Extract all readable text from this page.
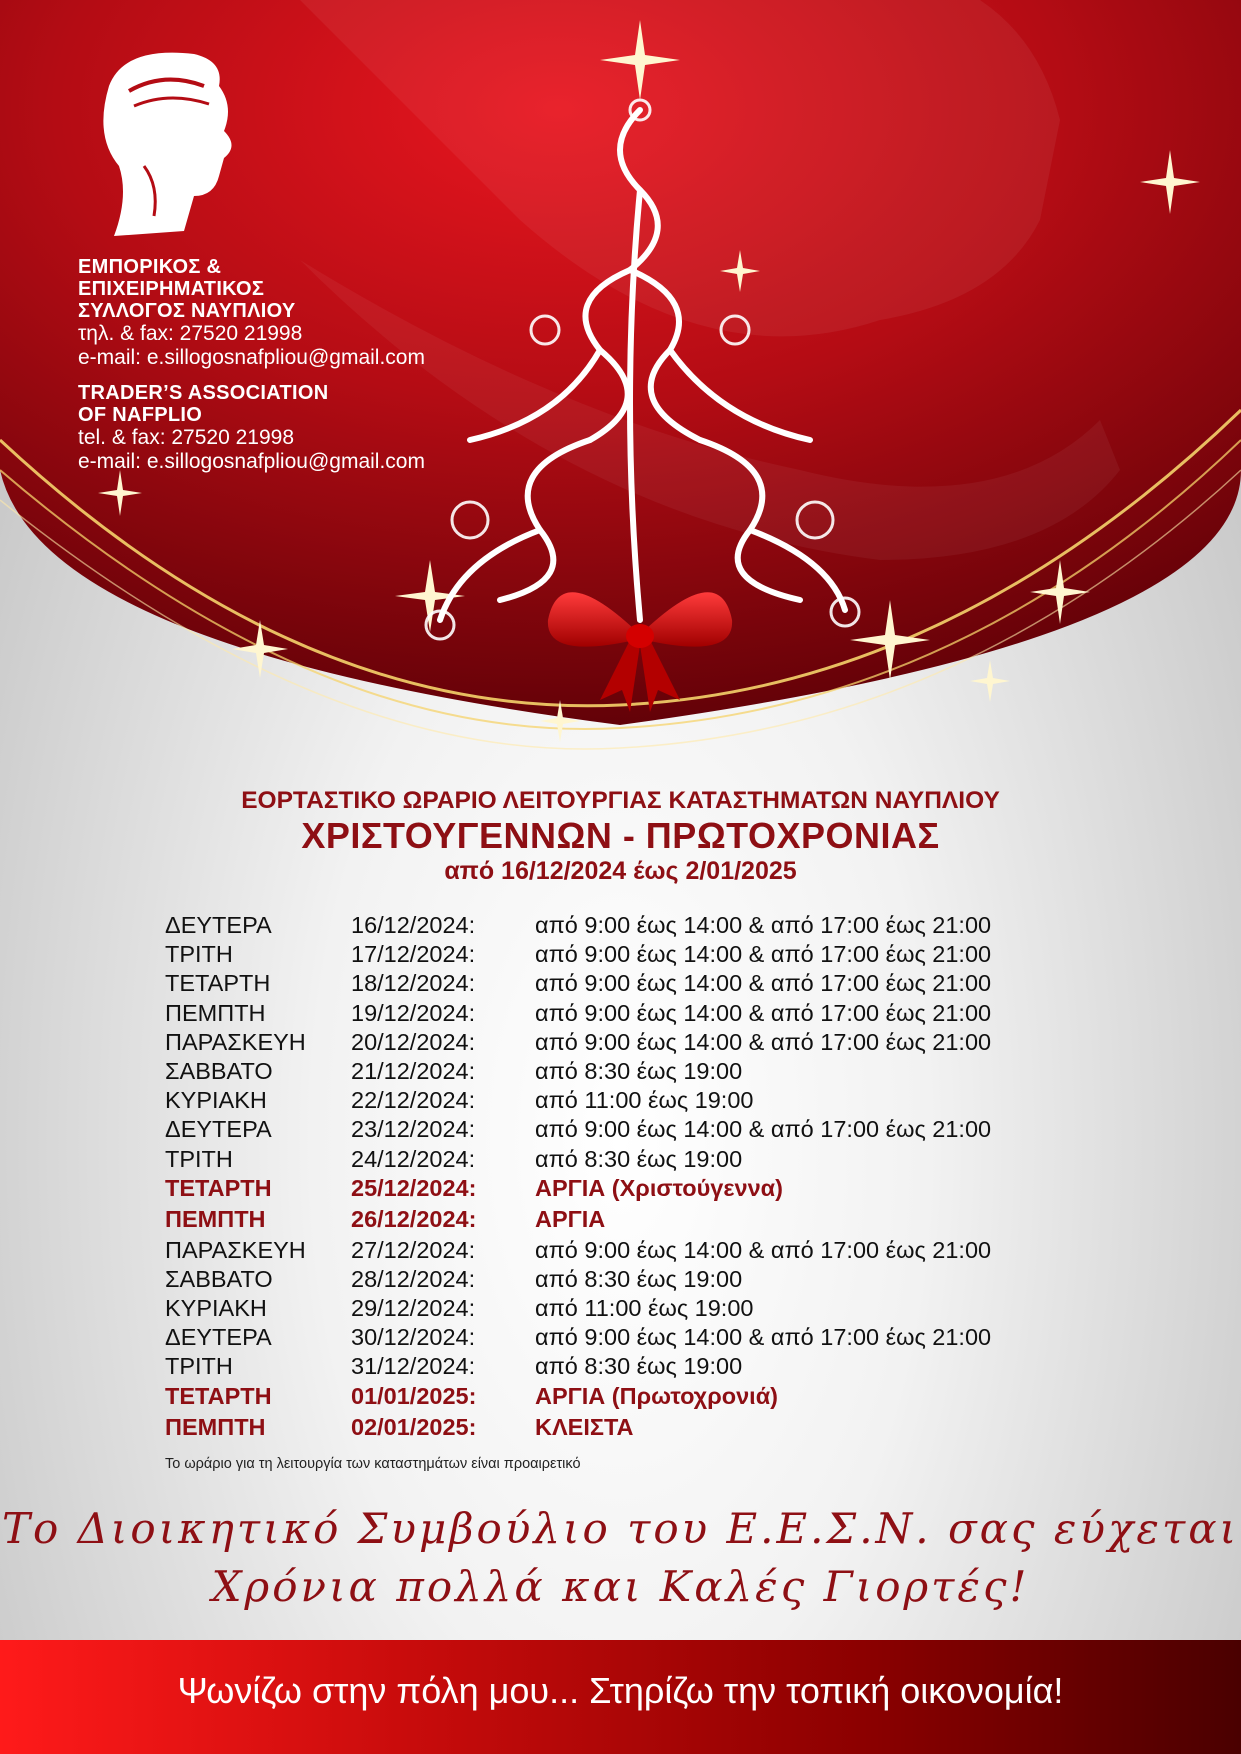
ΕΜΠΟΡΙΚΟΣ &
ΕΠΙΧΕΙΡΗΜΑΤΙΚΟΣ
ΣΥΛΛΟΓΟΣ ΝΑΥΠΛΙΟΥ
τηλ. & fax: 27520 21998
e-mail: e.sillogosnafpliou@gmail.com
TRADER’S ASSOCIATION
OF NAFPLIO
tel. & fax: 27520 21998
e-mail: e.sillogosnafpliou@gmail.com
ΕΟΡΤΑΣΤΙΚΟ ΩΡΑΡΙΟ ΛΕΙΤΟΥΡΓΙΑΣ ΚΑΤΑΣΤΗΜΑΤΩΝ ΝΑΥΠΛΙΟΥ
ΧΡΙΣΤΟΥΓΕΝΝΩΝ - ΠΡΩΤΟΧΡΟΝΙΑΣ
από 16/12/2024 έως 2/01/2025
ΔΕΥΤΕΡΑ	16/12/2024:	από 9:00 έως 14:00 & από 17:00 έως 21:00
ΤΡΙΤΗ	17/12/2024:	από 9:00 έως 14:00 & από 17:00 έως 21:00
ΤΕΤΑΡΤΗ	18/12/2024:	από 9:00 έως 14:00 & από 17:00 έως 21:00
ΠΕΜΠΤΗ	19/12/2024:	από 9:00 έως 14:00 & από 17:00 έως 21:00
ΠΑΡΑΣΚΕΥΗ 20/12/2024:	από 9:00 έως 14:00 & από 17:00 έως 21:00
ΣΑΒΒΑΤΟ	21/12/2024:	από 8:30 έως 19:00
ΚΥΡΙΑΚΗ	22/12/2024:	από 11:00 έως 19:00
ΔΕΥΤΕΡΑ	23/12/2024:	από 9:00 έως 14:00 & από 17:00 έως 21:00
ΤΡΙΤΗ	24/12/2024:	από 8:30 έως 19:00
ΤΕΤΑΡΤΗ	25/12/2024: ΑΡΓΙΑ (Χριστούγεννα)
ΠΕΜΠΤΗ	26/12/2024: ΑΡΓΙΑ
ΠΑΡΑΣΚΕΥΗ 27/12/2024:	από 9:00 έως 14:00 & από 17:00 έως 21:00
ΣΑΒΒΑΤΟ	28/12/2024:	από 8:30 έως 19:00
ΚΥΡΙΑΚΗ	29/12/2024:	από 11:00 έως 19:00
ΔΕΥΤΕΡΑ	30/12/2024:	από 9:00 έως 14:00 & από 17:00 έως 21:00
ΤΡΙΤΗ	31/12/2024:	από 8:30 έως 19:00
ΤΕΤΑΡΤΗ	01/01/2025: ΑΡΓΙΑ (Πρωτοχρονιά)
ΠΕΜΠΤΗ	02/01/2025: ΚΛΕΙΣΤΑ
Το ωράριο για τη λειτουργία των καταστημάτων είναι προαιρετικό
Το Διοικητικό Συμβούλιο του Ε.Ε.Σ.Ν. σας εύχεται
Χρόνια πολλά και Καλές Γιορτές!
Ψωνίζω στην πόλη μου... Στηρίζω την τοπική οικονομία!
